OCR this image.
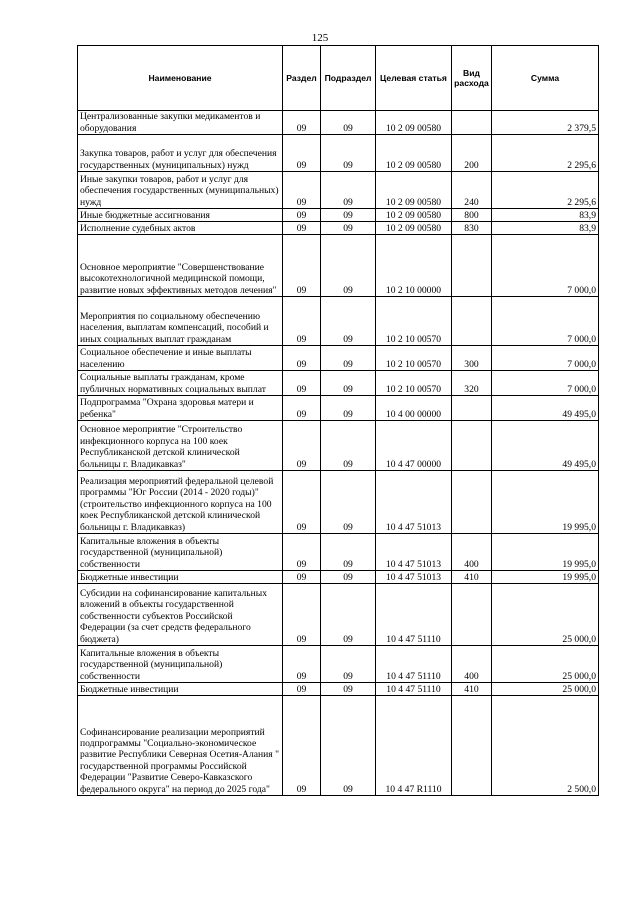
125
Наименование	Раздел	Подраздел	Целевая статья	Вид расхода	Сумма
Централизованные закупки медикаментов и оборудования	09	09	10 2 09 00580		2 379,5
Закупка товаров, работ и услуг для обеспечения государственных (муниципальных) нужд	09	09	10 2 09 00580	200	2 295,6
Иные закупки товаров, работ и услуг для обеспечения государственных (муниципальных) нужд	09	09	10 2 09 00580	240	2 295,6
Иные бюджетные ассигнования	09	09	10 2 09 00580	800	83,9
Исполнение судебных актов	09	09	10 2 09 00580	830	83,9
Основное мероприятие "Совершенствование высокотехнологичной медицинской помощи, развитие новых эффективных методов лечения"	09	09	10 2 10 00000		7 000,0
Мероприятия по социальному обеспечению населения, выплатам компенсаций, пособий и иных социальных выплат гражданам	09	09	10 2 10 00570		7 000,0
Социальное обеспечение и иные выплаты населению	09	09	10 2 10 00570	300	7 000,0
Социальные выплаты гражданам, кроме публичных нормативных социальных выплат	09	09	10 2 10 00570	320	7 000,0
Подпрограмма "Охрана здоровья матери и ребенка"	09	09	10 4 00 00000		49 495,0
Основное мероприятие "Строительство инфекционного корпуса на 100 коек Республиканской детской клинической больницы г. Владикавказ"	09	09	10 4 47 00000		49 495,0
Реализация мероприятий федеральной целевой программы "Юг России (2014 - 2020 годы)" (строительство инфекционного корпуса на 100 коек Республиканской детской клинической больницы г. Владикавказ)	09	09	10 4 47 51013		19 995,0
Капитальные вложения в объекты государственной (муниципальной) собственности	09	09	10 4 47 51013	400	19 995,0
Бюджетные инвестиции	09	09	10 4 47 51013	410	19 995,0
Субсидии на софинансирование капитальных вложений в объекты государственной собственности субъектов Российской Федерации (за счет средств федерального бюджета)	09	09	10 4 47 51110		25 000,0
Капитальные вложения в объекты государственной (муниципальной) собственности	09	09	10 4 47 51110	400	25 000,0
Бюджетные инвестиции	09	09	10 4 47 51110	410	25 000,0
Софинансирование реализации мероприятий подпрограммы "Социально-экономическое развитие Республики Северная Осетия-Алания " государственной программы Российской Федерации "Развитие Северо-Кавказского федерального округа" на период до 2025 года"	09	09	10 4 47 R1110		2 500,0
